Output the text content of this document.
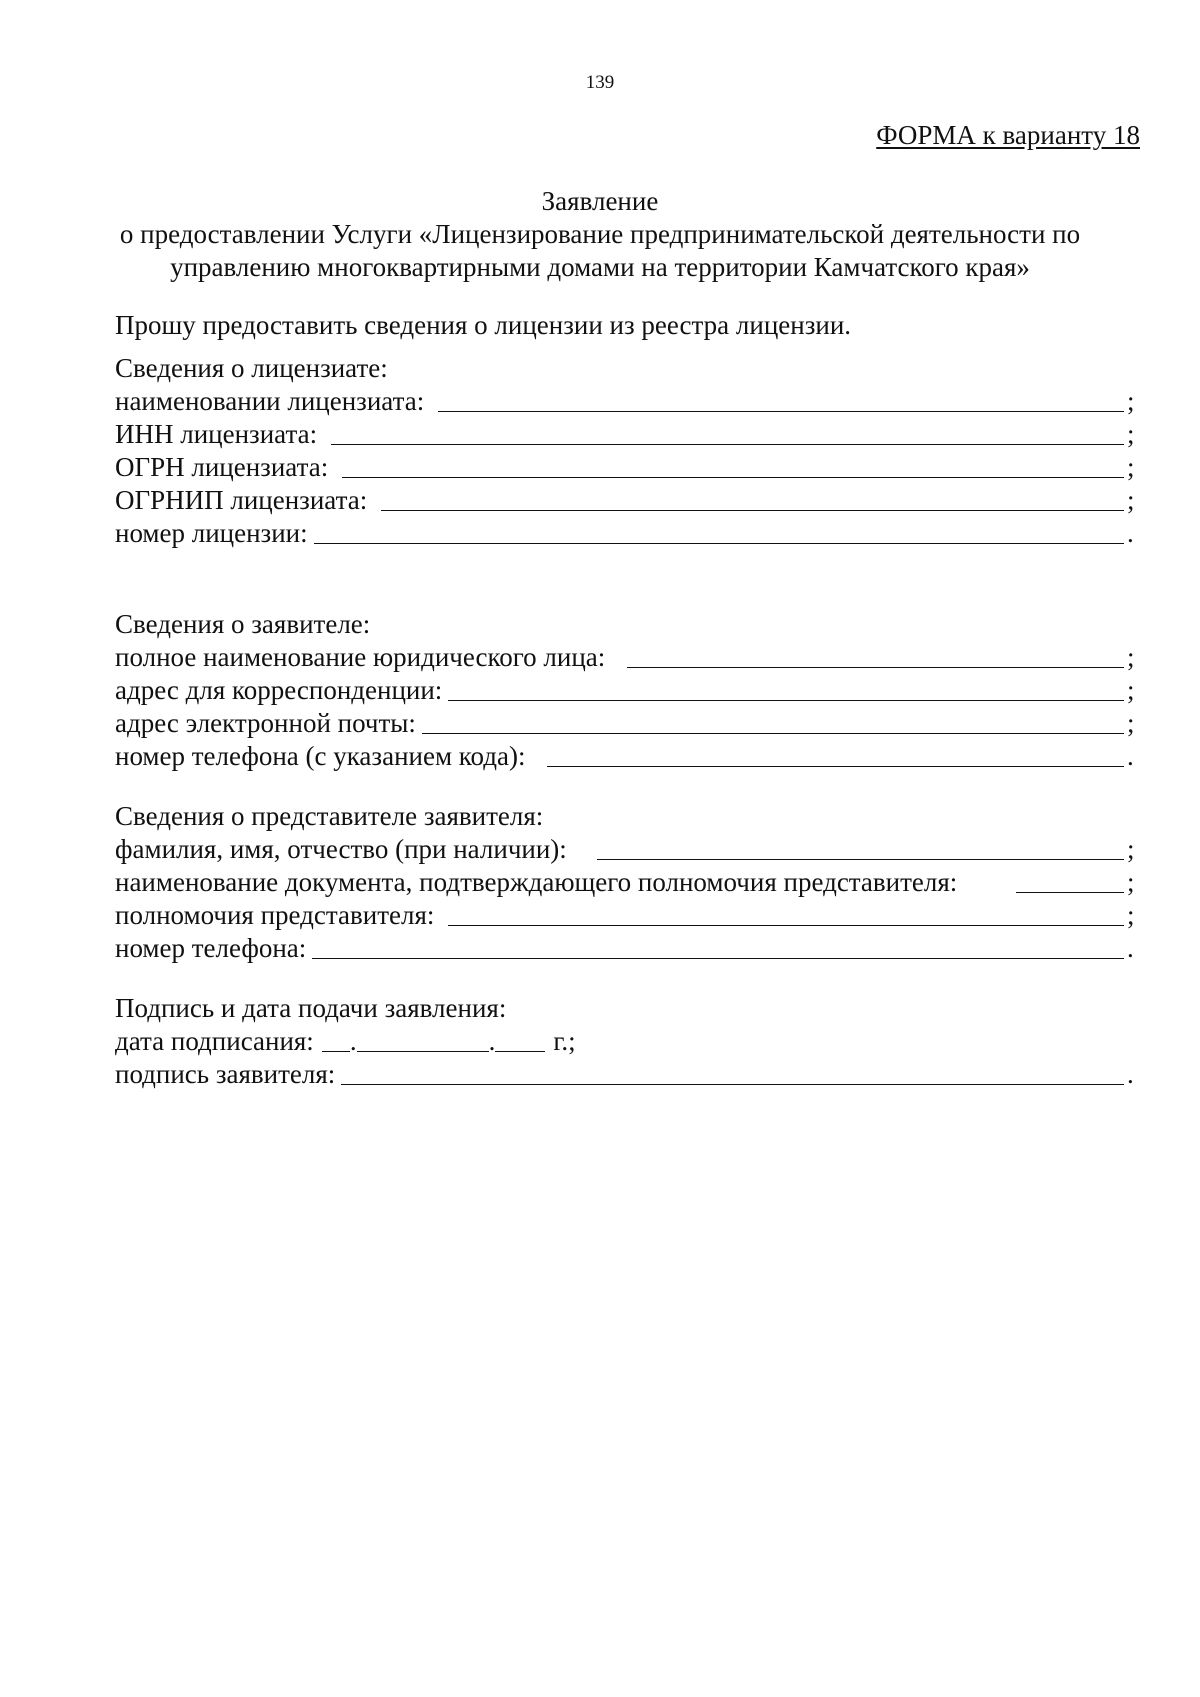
139
ФОРМА к варианту 18
Заявление
о предоставлении Услуги «Лицензирование предпринимательской деятельности по
управлению многоквартирными домами на территории Камчатского края»
Прошу предоставить сведения о лицензии из реестра лицензии.
Сведения о лицензиате:
наименовании лицензиата:	;
ИНН лицензиата:	;
ОГРН лицензиата:	;
ОГРНИП лицензиата:	;
номер лицензии:	.
Сведения о заявителе:
полное наименование юридического лица:	;
адрес для корреспонденции:	;
адрес электронной почты:	;
номер телефона (с указанием кода):	.
Сведения о представителе заявителя:
фамилия, имя, отчество (при наличии):	;
наименование документа, подтверждающего полномочия представителя:	;
полномочия представителя:	;
номер телефона:	.
Подпись и дата подачи заявления:
дата подписания: .	. г.;
подпись заявителя:	.
